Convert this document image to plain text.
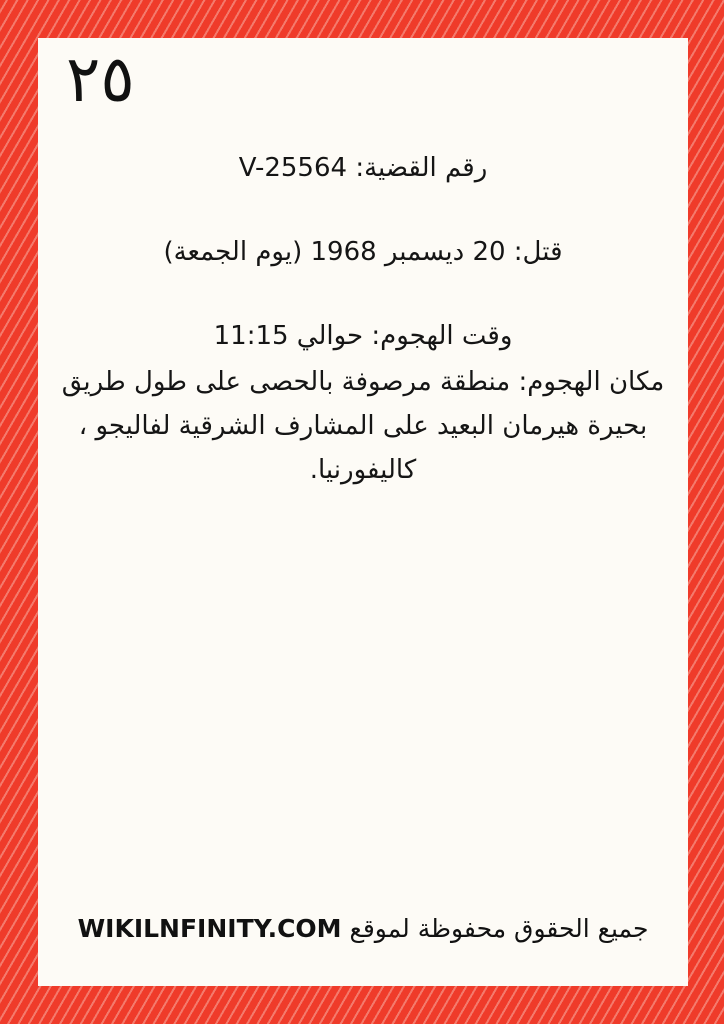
٢٥
رقم القضية: V-25564
قتل: 20 ديسمبر 1968 (يوم الجمعة)
وقت الهجوم: حوالي 11:15
مكان الهجوم: منطقة مرصوفة بالحصى على طول طريق بحيرة هيرمان البعيد على المشارف الشرقية لفاليجو ، كاليفورنيا.
جميع الحقوق محفوظة لموقع WIKILNFINITY.COM
